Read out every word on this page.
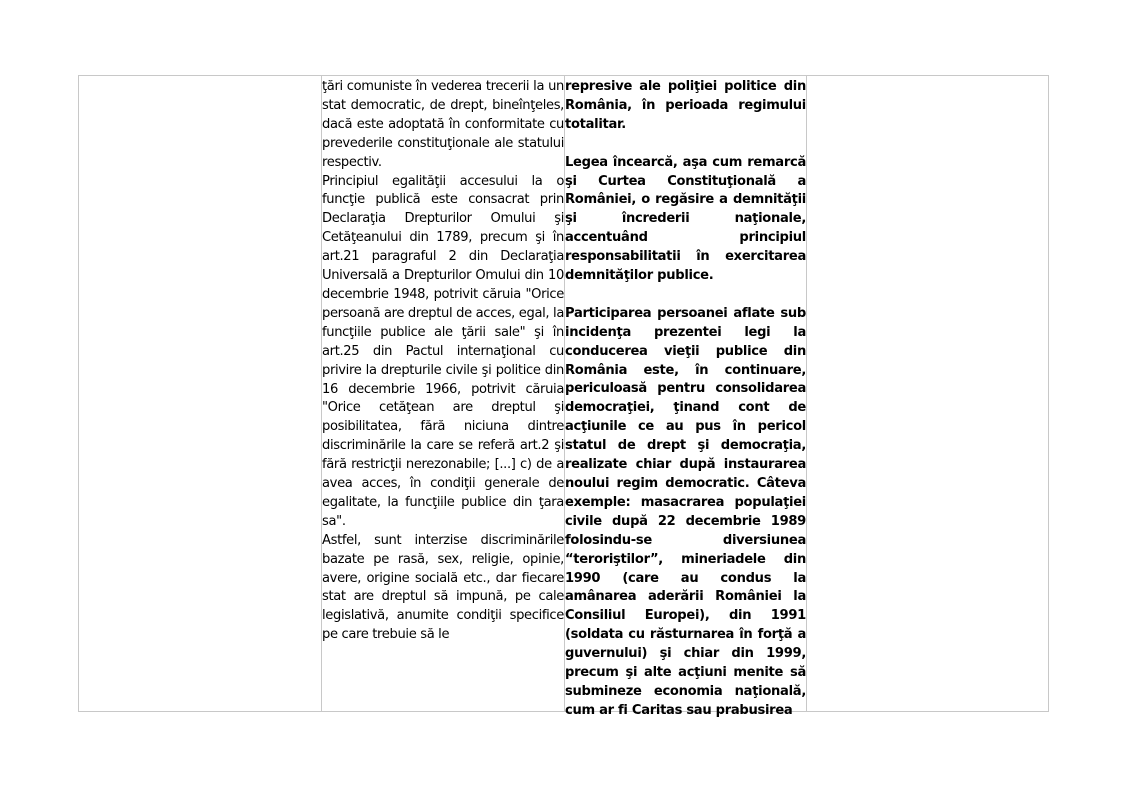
ţări comuniste în vederea trecerii la un stat democratic, de drept, bineînţeles, dacă este adoptată în conformitate cu prevederile constituţionale ale statului respectiv.

Principiul egalităţii accesului la o funcţie publică este consacrat prin Declaraţia Drepturilor Omului şi Cetăţeanului din 1789, precum şi în art.21 paragraful 2 din Declaraţia Universală a Drepturilor Omului din 10 decembrie 1948, potrivit căruia "Orice persoană are dreptul de acces, egal, la funcţiile publice ale ţării sale" şi în art.25 din Pactul internaţional cu privire la drepturile civile şi politice din 16 decembrie 1966, potrivit căruia "Orice cetăţean are dreptul şi posibilitatea, fără niciuna dintre discriminările la care se referă art.2 şi fără restricţii nerezonabile; [...] c) de a avea acces, în condiţii generale de egalitate, la funcţiile publice din ţara sa".

Astfel, sunt interzise discriminările bazate pe rasă, sex, religie, opinie, avere, origine socială etc., dar fiecare stat are dreptul să impună, pe cale legislativă, anumite condiţii specifice pe care trebuie să le

represive ale poliţiei politice din România, în perioada regimului totalitar.

Legea încearcă, aşa cum remarcă şi Curtea Constituţională a României, o regăsire a demnităţii şi încrederii naţionale, accentuând principiul responsabilitatii în exercitarea demnităţilor publice.

Participarea persoanei aflate sub incidenţa prezentei legi la conducerea vieţii publice din România este, în continuare, periculoasă pentru consolidarea democraţiei, ţinand cont de acţiunile ce au pus în pericol statul de drept şi democraţia, realizate chiar după instaurarea noului regim democratic. Câteva exemple: masacrarea populaţiei civile după 22 decembrie 1989 folosindu-se diversiunea “teroriştilor”, mineriadele din 1990 (care au condus la amânarea aderării României la Consiliul Europei), din 1991 (soldata cu răsturnarea în forţă a guvernului) şi chiar din 1999, precum şi alte acţiuni menite să submineze economia naţională, cum ar fi Caritas sau prabusirea
